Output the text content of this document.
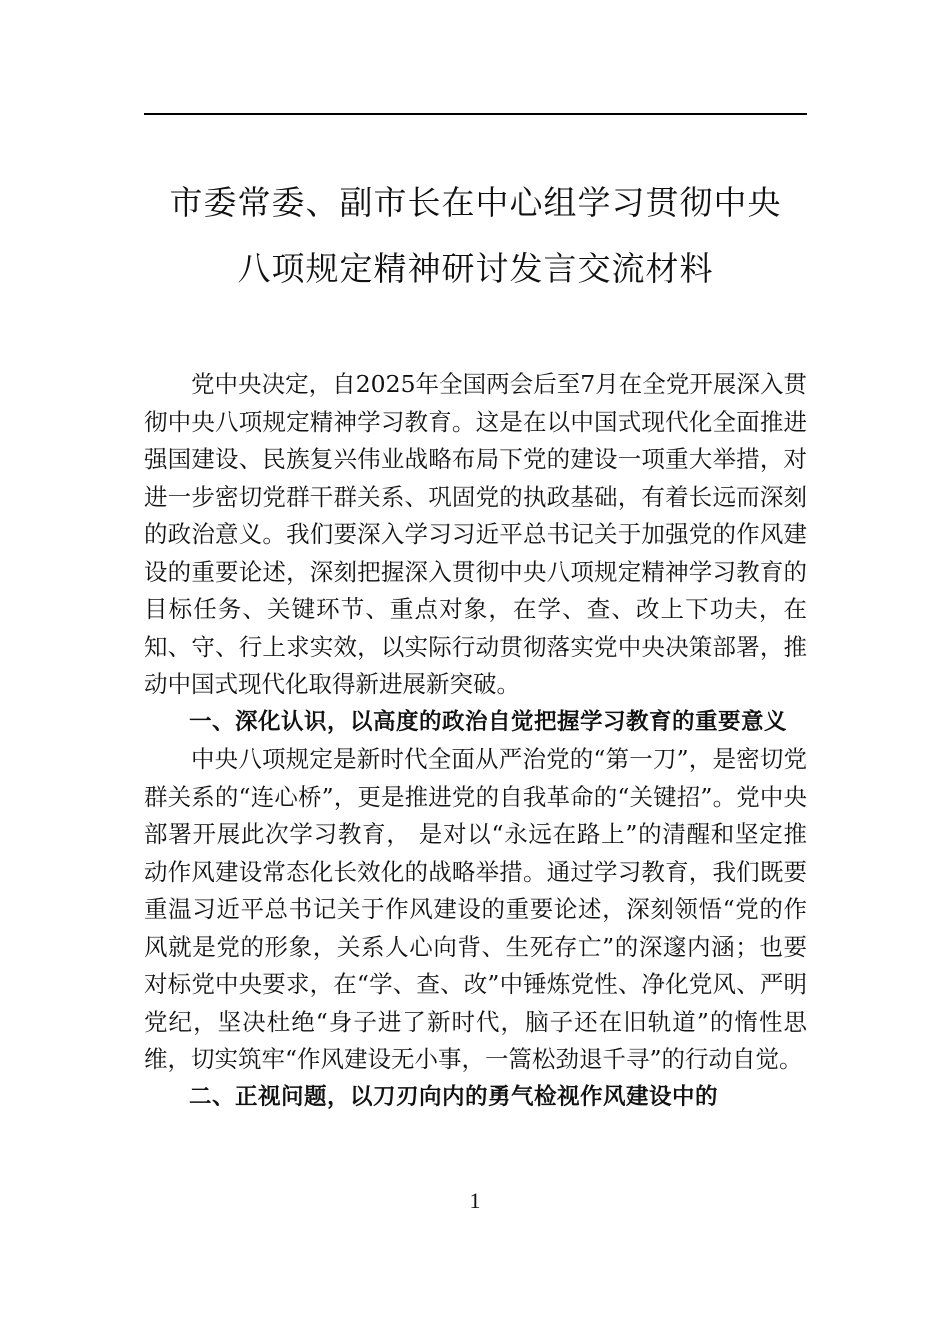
市委常委、副市长在中心组学习贯彻中央
八项规定精神研讨发言交流材料

党中央决定，自2025年全国两会后至7月在全党开展深入贯彻中央八项规定精神学习教育。这是在以中国式现代化全面推进强国建设、民族复兴伟业战略布局下党的建设一项重大举措，对进一步密切党群干群关系、巩固党的执政基础，有着长远而深刻的政治意义。我们要深入学习习近平总书记关于加强党的作风建设的重要论述，深刻把握深入贯彻中央八项规定精神学习教育的目标任务、关键环节、重点对象，在学、查、改上下功夫，在知、守、行上求实效，以实际行动贯彻落实党中央决策部署，推动中国式现代化取得新进展新突破。

一、深化认识，以高度的政治自觉把握学习教育的重要意义

中央八项规定是新时代全面从严治党的“第一刀”，是密切党群关系的“连心桥”，更是推进党的自我革命的“关键招”。党中央部署开展此次学习教育， 是对以“永远在路上”的清醒和坚定推动作风建设常态化长效化的战略举措。通过学习教育，我们既要重温习近平总书记关于作风建设的重要论述，深刻领悟“党的作风就是党的形象，关系人心向背、生死存亡”的深邃内涵；也要对标党中央要求，在“学、查、改”中锤炼党性、净化党风、严明党纪，坚决杜绝“身子进了新时代，脑子还在旧轨道”的惰性思维，切实筑牢“作风建设无小事，一篙松劲退千寻”的行动自觉。

二、正视问题，以刀刃向内的勇气检视作风建设中的

1
